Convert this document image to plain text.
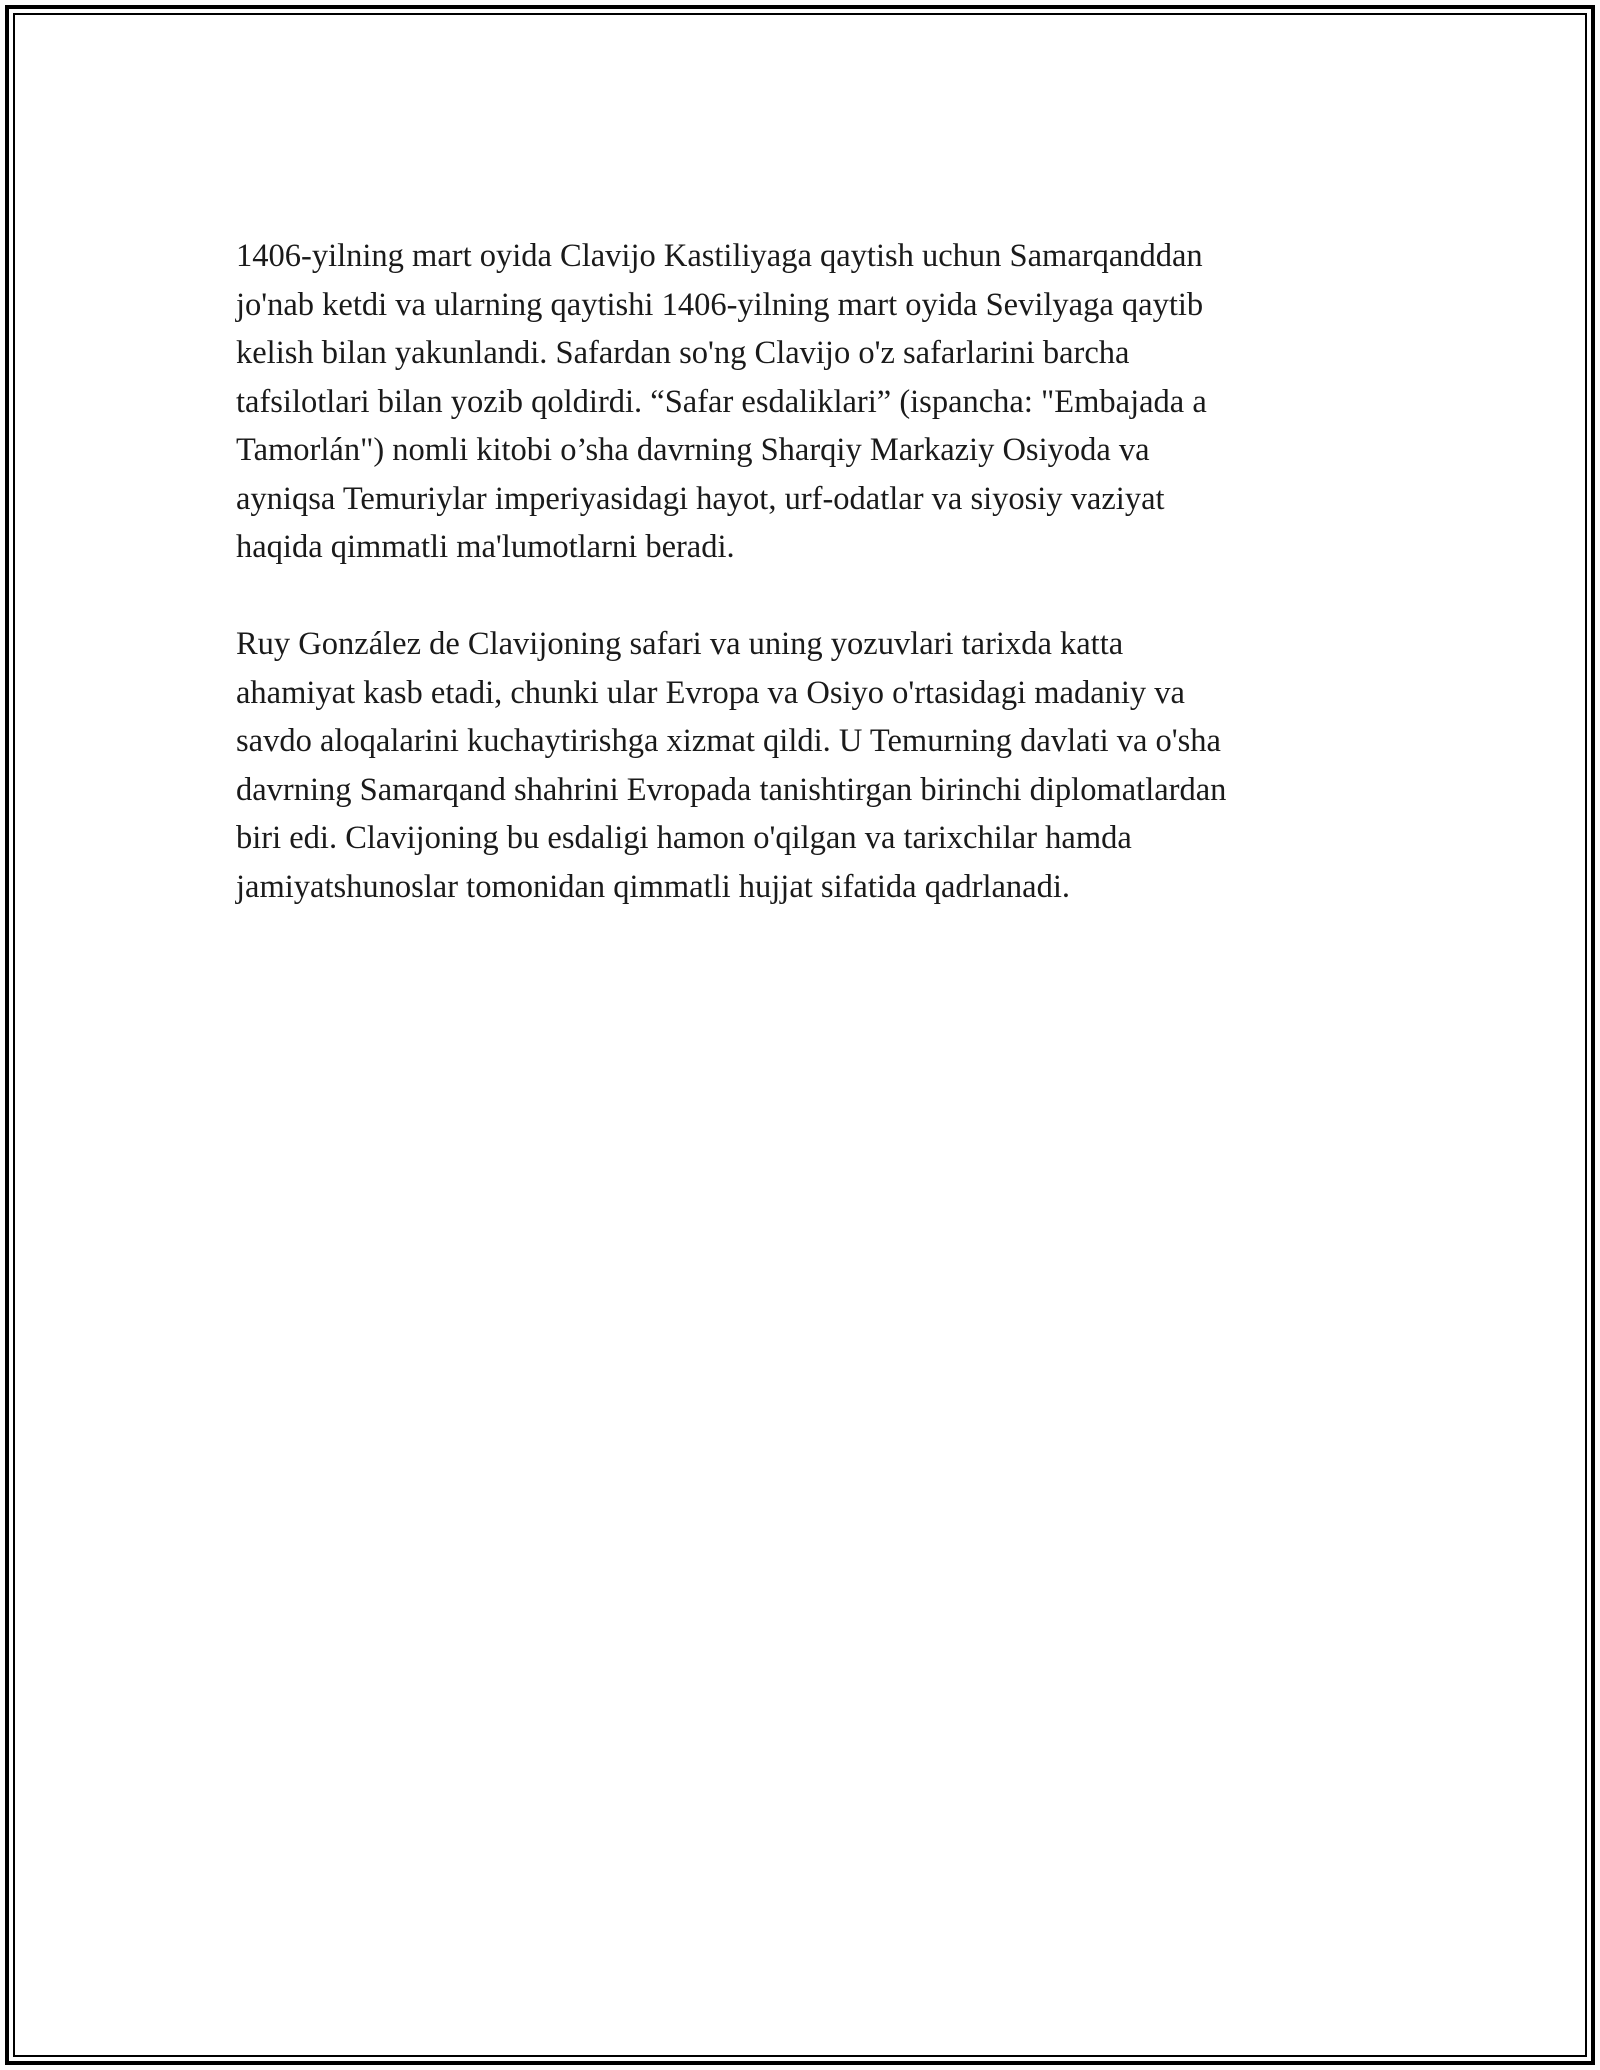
1406-yilning mart oyida Clavijo Kastiliyaga qaytish uchun Samarqanddan
jo'nab ketdi va ularning qaytishi 1406-yilning mart oyida Sevilyaga qaytib
kelish bilan yakunlandi. Safardan so'ng Clavijo o'z safarlarini barcha
tafsilotlari bilan yozib qoldirdi. “Safar esdaliklari” (ispancha: "Embajada a
Tamorlán") nomli kitobi o’sha davrning Sharqiy Markaziy Osiyoda va
ayniqsa Temuriylar imperiyasidagi hayot, urf-odatlar va siyosiy vaziyat
haqida qimmatli ma'lumotlarni beradi.

Ruy González de Clavijoning safari va uning yozuvlari tarixda katta
ahamiyat kasb etadi, chunki ular Evropa va Osiyo o'rtasidagi madaniy va
savdo aloqalarini kuchaytirishga xizmat qildi. U Temurning davlati va o'sha
davrning Samarqand shahrini Evropada tanishtirgan birinchi diplomatlardan
biri edi. Clavijoning bu esdaligi hamon o'qilgan va tarixchilar hamda
jamiyatshunoslar tomonidan qimmatli hujjat sifatida qadrlanadi.
